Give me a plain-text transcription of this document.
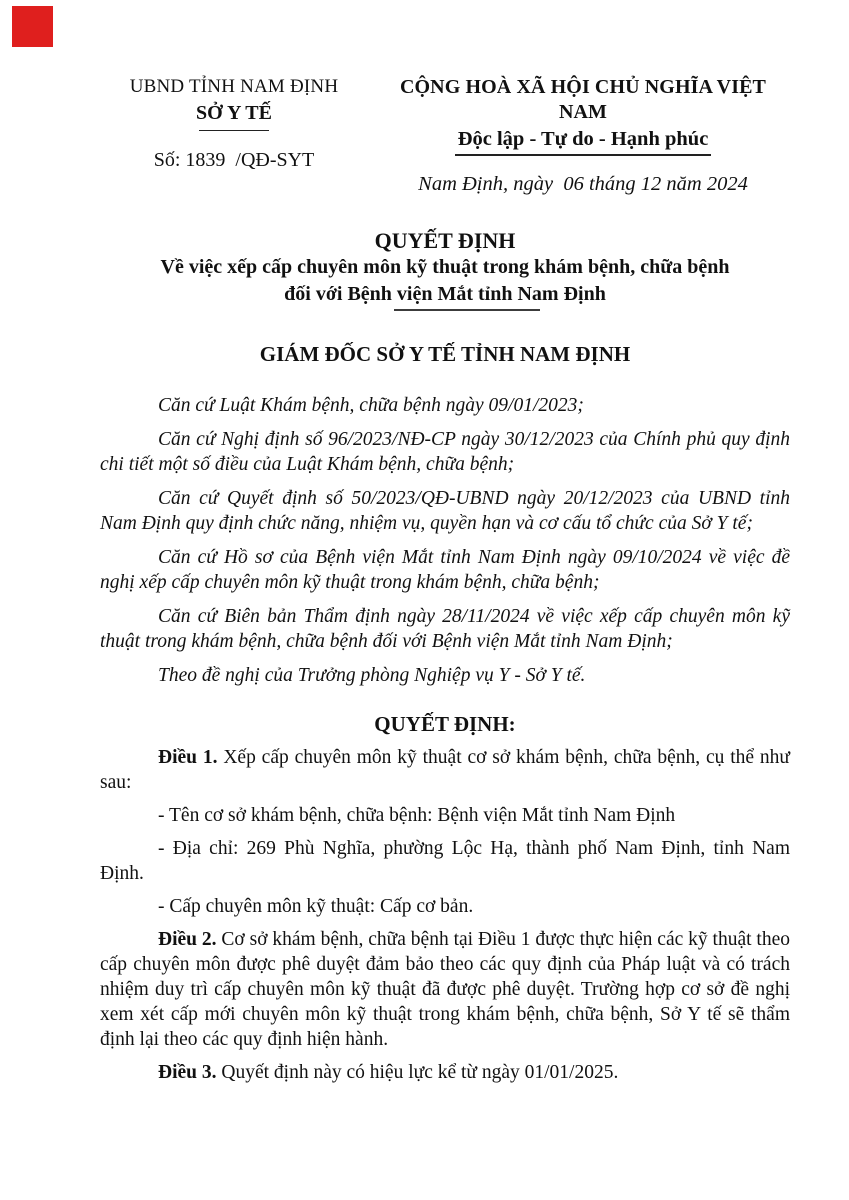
UBND TỈNH NAM ĐỊNH
SỞ Y TẾ
Số: 1839  /QĐ-SYT
CỘNG HOÀ XÃ HỘI CHỦ NGHĨA VIỆT NAM
Độc lập - Tự do - Hạnh phúc
Nam Định, ngày  06 tháng 12 năm 2024
QUYẾT ĐỊNH
Về việc xếp cấp chuyên môn kỹ thuật trong khám bệnh, chữa bệnh
đối với Bệnh viện Mắt tỉnh Nam Định
GIÁM ĐỐC SỞ Y TẾ TỈNH NAM ĐỊNH

Căn cứ Luật Khám bệnh, chữa bệnh ngày 09/01/2023;

Căn cứ Nghị định số 96/2023/NĐ-CP ngày 30/12/2023 của Chính phủ quy định chi tiết một số điều của Luật Khám bệnh, chữa bệnh;

Căn cứ Quyết định số 50/2023/QĐ-UBND ngày 20/12/2023 của UBND tỉnh Nam Định quy định chức năng, nhiệm vụ, quyền hạn và cơ cấu tổ chức của Sở Y tế;

Căn cứ Hồ sơ của Bệnh viện Mắt tỉnh Nam Định ngày 09/10/2024 về việc đề nghị xếp cấp chuyên môn kỹ thuật trong khám bệnh, chữa bệnh;

Căn cứ Biên bản Thẩm định ngày 28/11/2024 về việc xếp cấp chuyên môn kỹ thuật trong khám bệnh, chữa bệnh đối với Bệnh viện Mắt tỉnh Nam Định;

Theo đề nghị của Trưởng phòng Nghiệp vụ Y - Sở Y tế.

QUYẾT ĐỊNH:

Điều 1. Xếp cấp chuyên môn kỹ thuật cơ sở khám bệnh, chữa bệnh, cụ thể như sau:

- Tên cơ sở khám bệnh, chữa bệnh: Bệnh viện Mắt tỉnh Nam Định

- Địa chỉ: 269 Phù Nghĩa, phường Lộc Hạ, thành phố Nam Định, tỉnh Nam Định.

- Cấp chuyên môn kỹ thuật: Cấp cơ bản.

Điều 2. Cơ sở khám bệnh, chữa bệnh tại Điều 1 được thực hiện các kỹ thuật theo cấp chuyên môn được phê duyệt đảm bảo theo các quy định của Pháp luật và có trách nhiệm duy trì cấp chuyên môn kỹ thuật đã được phê duyệt. Trường hợp cơ sở đề nghị xem xét cấp mới chuyên môn kỹ thuật trong khám bệnh, chữa bệnh, Sở Y tế sẽ thẩm định lại theo các quy định hiện hành.

Điều 3. Quyết định này có hiệu lực kể từ ngày 01/01/2025.
